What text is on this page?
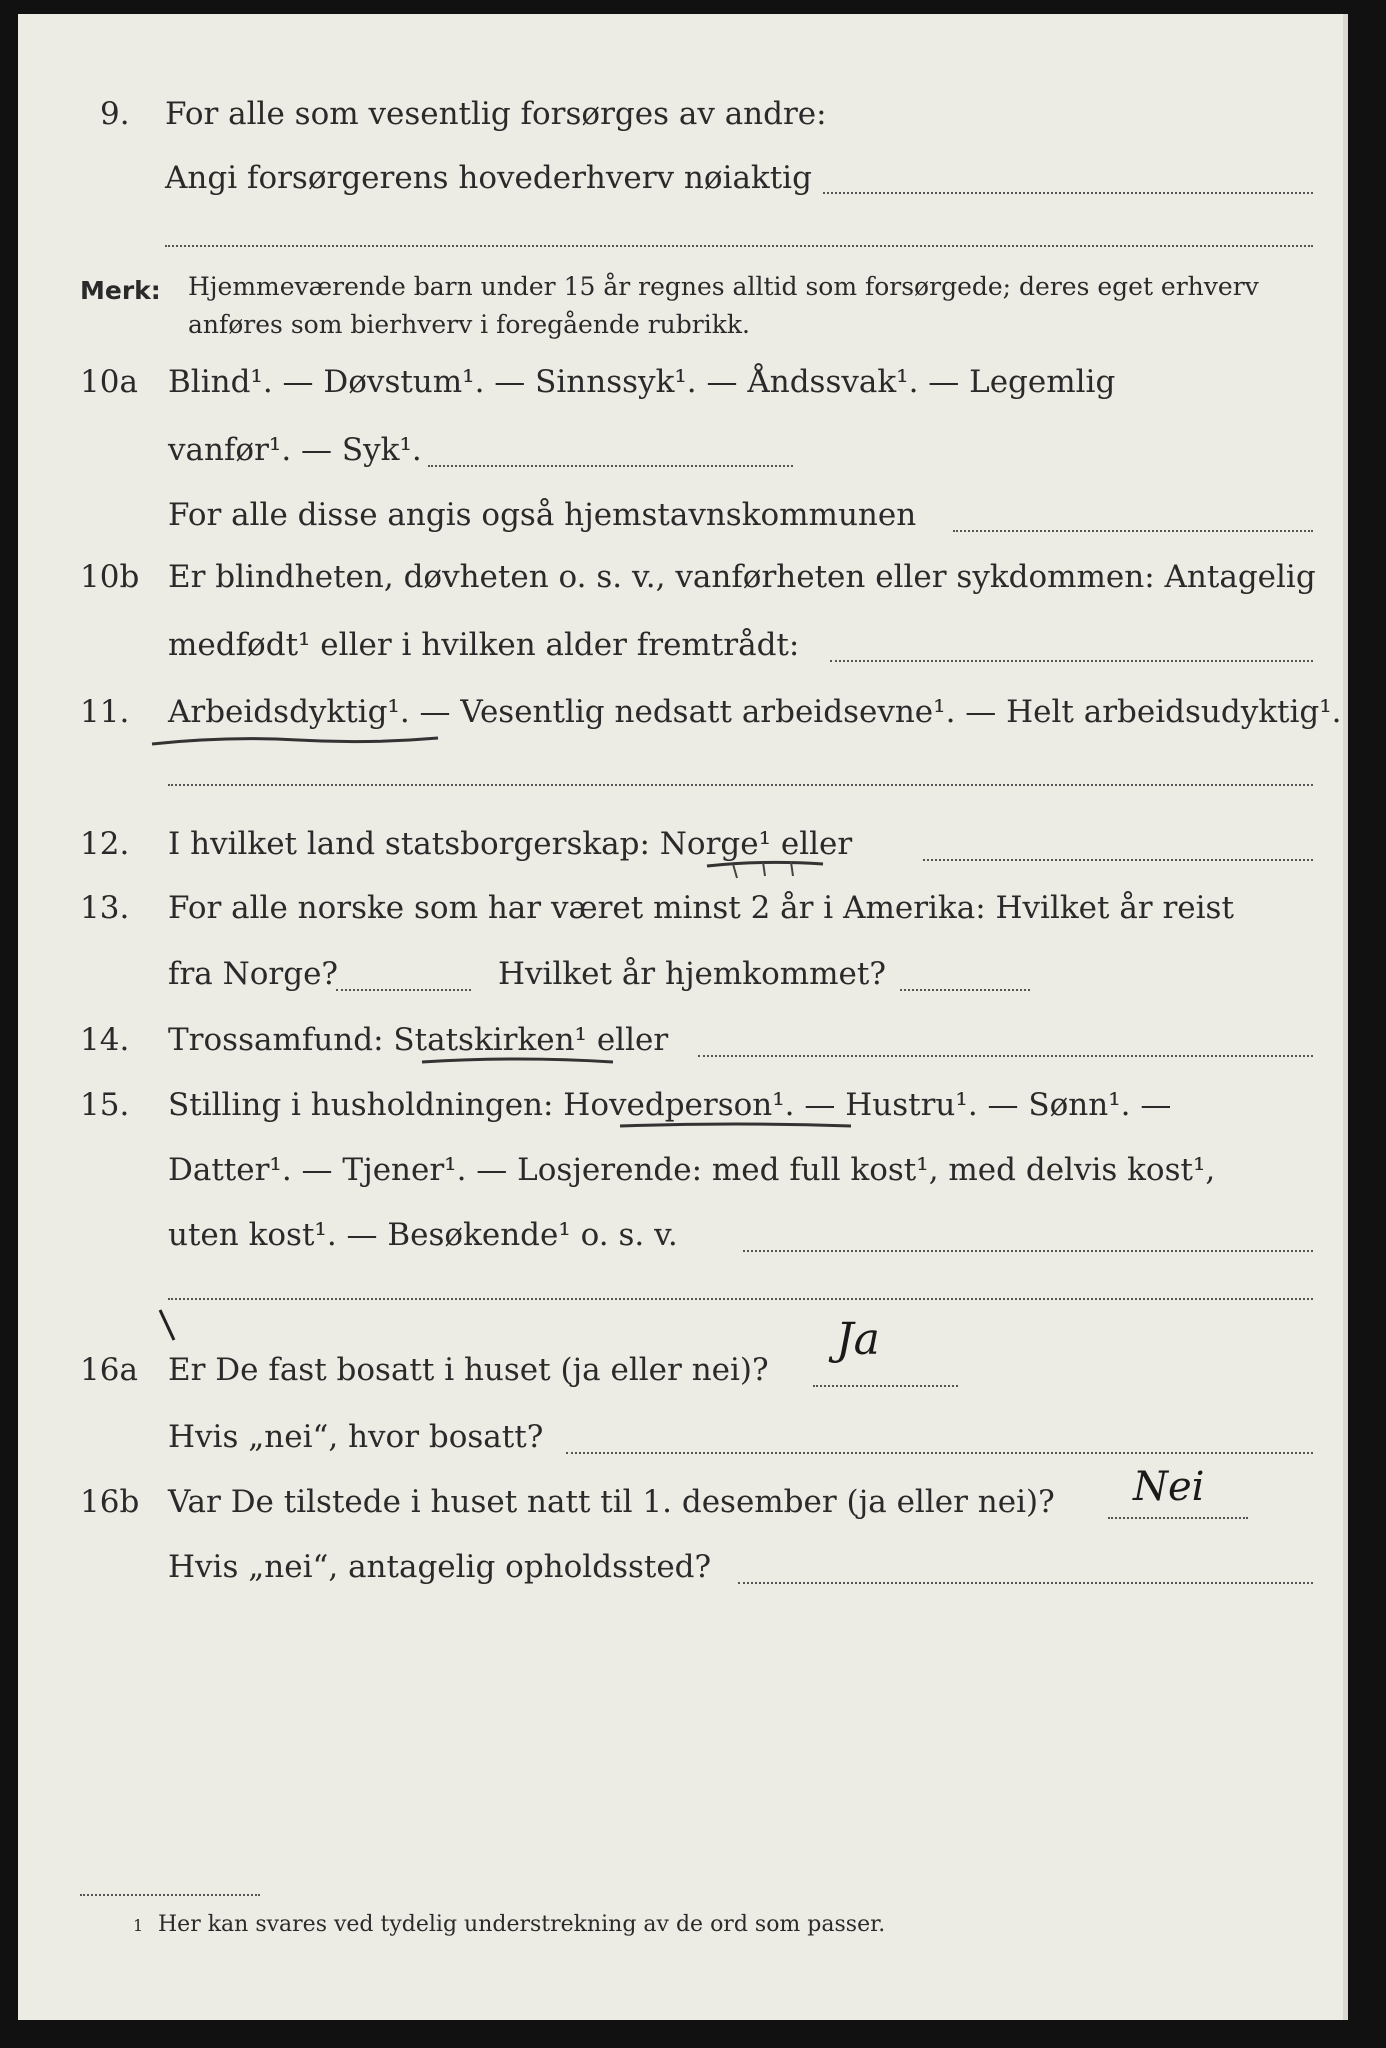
9.	For alle som vesentlig forsørges av andre:
Angi forsørgerens hovederhverv nøiaktig
Merk: Hjemmeværende barn under 15 år regnes alltid som forsørgede; deres eget erhverv
anføres som bierhverv i foregående rubrikk.
10a Blind¹. — Døvstum¹. — Sinnssyk¹. — Åndssvak¹. — Legemlig
vanfør¹. — Syk¹.
For alle disse angis også hjemstavnskommunen
10b Er blindheten, døvheten o. s. v., vanførheten eller sykdommen: Antagelig
medfødt¹ eller i hvilken alder fremtrådt:
11.	Arbeidsdyktig¹. — Vesentlig nedsatt arbeidsevne¹. — Helt arbeidsudyktig¹.
12.	I hvilket land statsborgerskap: Norge¹ eller
13.	For alle norske som har været minst 2 år i Amerika: Hvilket år reist
fra Norge?	Hvilket år hjemkommet?
14.	Trossamfund: Statskirken¹ eller
15.	Stilling i husholdningen: Hovedperson¹. — Hustru¹. — Sønn¹. —
Datter¹. — Tjener¹. — Losjerende: med full kost¹, med delvis kost¹,
uten kost¹. — Besøkende¹ o. s. v.
16a Er De fast bosatt i huset (ja eller nei)?
Ja
Hvis „nei“, hvor bosatt?
16b Var De tilstede i huset natt til 1. desember (ja eller nei)? Nei
Hvis „nei“, antagelig opholdssted?
1 Her kan svares ved tydelig understrekning av de ord som passer.
